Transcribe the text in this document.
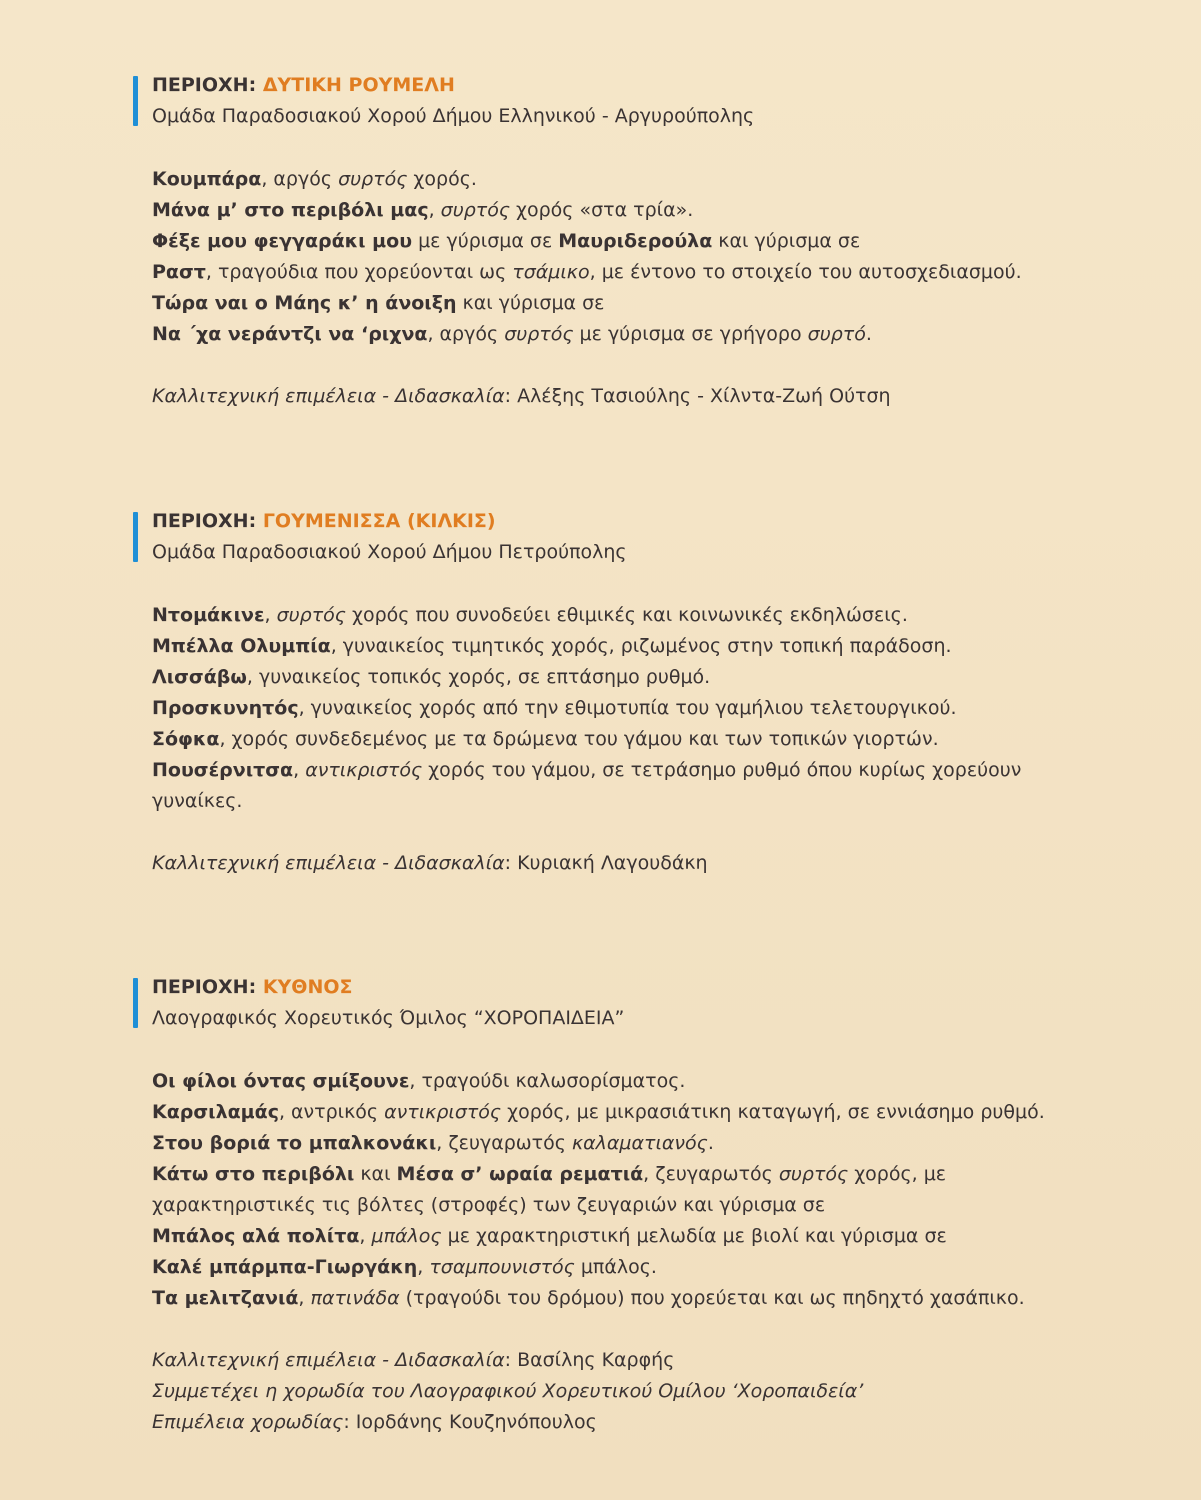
ΠΕΡΙΟΧΗ: ΔΥΤΙΚΗ ΡΟΥΜΕΛΗ
Ομάδα Παραδοσιακού Χορού Δήμου Ελληνικού - Αργυρούπολης
Κουμπάρα, αργός συρτός χορός.
Μάνα μ’ στο περιβόλι μας, συρτός χορός «στα τρία».
Φέξε μου φεγγαράκι μου με γύρισμα σε Μαυριδερούλα και γύρισμα σε
Ραστ, τραγούδια που χορεύονται ως τσάμικο, με έντονο το στοιχείο του αυτοσχεδιασμού.
Τώρα ναι ο Μάης κ’ η άνοιξη και γύρισμα σε
Να ΄χα νεράντζι να ‘ριχνα, αργός συρτός με γύρισμα σε γρήγορο συρτό.
Καλλιτεχνική επιμέλεια - Διδασκαλία: Αλέξης Τασιούλης - Χίλντα-Ζωή Ούτση
ΠΕΡΙΟΧΗ: ΓΟΥΜΕΝΙΣΣΑ (ΚΙΛΚΙΣ)
Ομάδα Παραδοσιακού Χορού Δήμου Πετρούπολης
Ντομάκινε, συρτός χορός που συνοδεύει εθιμικές και κοινωνικές εκδηλώσεις.
Μπέλλα Ολυμπία, γυναικείος τιμητικός χορός, ριζωμένος στην τοπική παράδοση.
Λισσάβω, γυναικείος τοπικός χορός, σε επτάσημο ρυθμό.
Προσκυνητός, γυναικείος χορός από την εθιμοτυπία του γαμήλιου τελετουργικού.
Σόφκα, χορός συνδεδεμένος με τα δρώμενα του γάμου και των τοπικών γιορτών.
Πουσέρνιτσα, αντικριστός χορός του γάμου, σε τετράσημο ρυθμό όπου κυρίως χορεύουν
γυναίκες.
Καλλιτεχνική επιμέλεια - Διδασκαλία: Κυριακή Λαγουδάκη
ΠΕΡΙΟΧΗ: ΚΥΘΝΟΣ
Λαογραφικός Χορευτικός Όμιλος “ΧΟΡΟΠΑΙΔΕΙΑ”
Οι φίλοι όντας σμίξουνε, τραγούδι καλωσορίσματος.
Καρσιλαμάς, αντρικός αντικριστός χορός, με μικρασιάτικη καταγωγή, σε εννιάσημο ρυθμό.
Στου βοριά το μπαλκονάκι, ζευγαρωτός καλαματιανός.
Κάτω στο περιβόλι και Μέσα σ’ ωραία ρεματιά, ζευγαρωτός συρτός χορός, με
χαρακτηριστικές τις βόλτες (στροφές) των ζευγαριών και γύρισμα σε
Μπάλος αλά πολίτα, μπάλος με χαρακτηριστική μελωδία με βιολί και γύρισμα σε
Καλέ μπάρμπα-Γιωργάκη, τσαμπουνιστός μπάλος.
Τα μελιτζανιά, πατινάδα (τραγούδι του δρόμου) που χορεύεται και ως πηδηχτό χασάπικο.
Καλλιτεχνική επιμέλεια - Διδασκαλία: Βασίλης Καρφής
Συμμετέχει η χορωδία του Λαογραφικού Χορευτικού Ομίλου ‘Χοροπαιδεία’
Επιμέλεια χορωδίας: Ιορδάνης Κουζηνόπουλος
